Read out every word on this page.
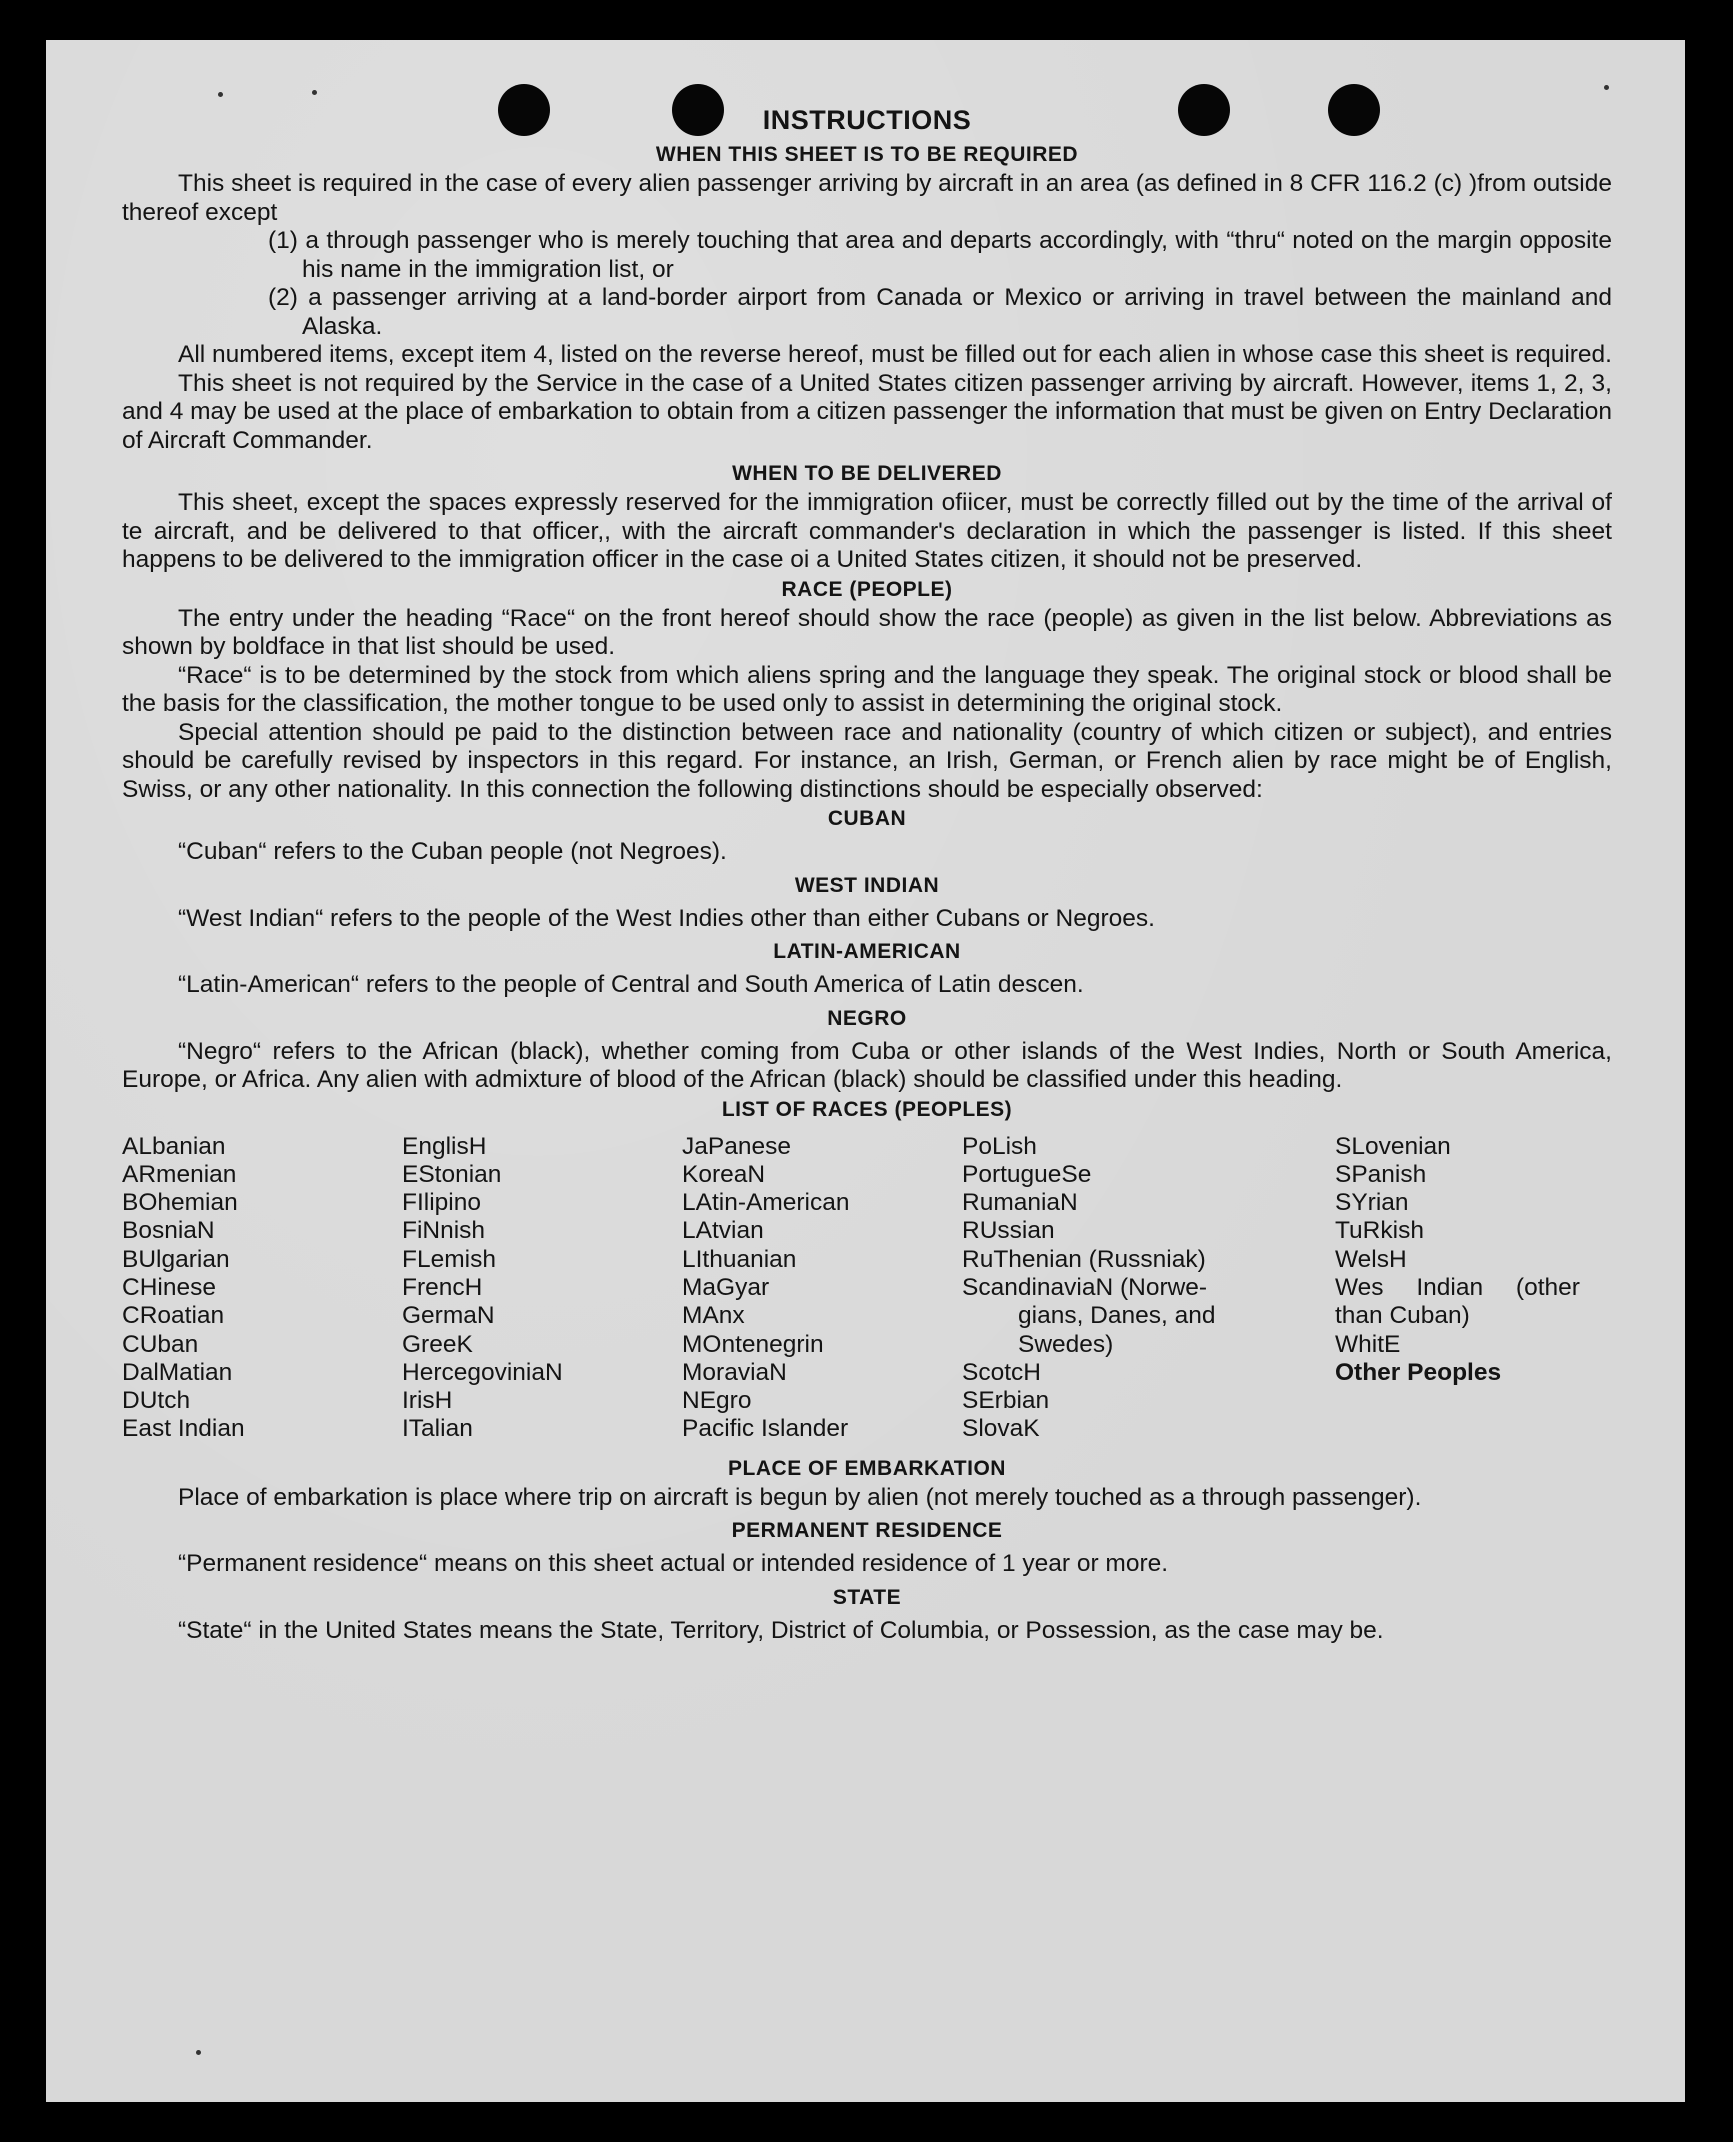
INSTRUCTIONS
WHEN THIS SHEET IS TO BE REQUIRED

This sheet is required in the case of every alien passenger arriving by aircraft in an area (as defined in 8 CFR 116.2 (c) )from outside thereof except

(1) a through passenger who is merely touching that area and departs accordingly, with “thru“ noted on the margin opposite his name in the immigration list, or

(2) a passenger arriving at a land-border airport from Canada or Mexico or arriving in travel between the mainland and Alaska.

All numbered items, except item 4, listed on the reverse hereof, must be filled out for each alien in whose case this sheet is required.

This sheet is not required by the Service in the case of a United States citizen passenger arriving by aircraft. However, items 1, 2, 3, and 4 may be used at the place of embarkation to obtain from a citizen passenger the information that must be given on Entry Declaration of Aircraft Commander.

WHEN TO BE DELIVERED

This sheet, except the spaces expressly reserved for the immigration ofiicer, must be correctly filled out by the time of the arrival of te aircraft, and be delivered to that officer,, with the aircraft commander's declaration in which the passenger is listed. If this sheet happens to be delivered to the immigration officer in the case oi a United States citizen, it should not be preserved.

RACE (PEOPLE)

The entry under the heading “Race“ on the front hereof should show the race (people) as given in the list below. Abbreviations as shown by boldface in that list should be used.

“Race“ is to be determined by the stock from which aliens spring and the language they speak. The original stock or blood shall be the basis for the classification, the mother tongue to be used only to assist in determining the original stock.

Special attention should pe paid to the distinction between race and nationality (country of which citizen or subject), and entries should be carefully revised by inspectors in this regard. For instance, an Irish, German, or French alien by race might be of English, Swiss, or any other nationality. In this connection the following distinctions should be especially observed:

CUBAN

“Cuban“ refers to the Cuban people (not Negroes).

WEST INDIAN

“West Indian“ refers to the people of the West Indies other than either Cubans or Negroes.

LATIN-AMERICAN

“Latin-American“ refers to the people of Central and South America of Latin descen.

NEGRO

“Negro“ refers to the African (black), whether coming from Cuba or other islands of the West Indies, North or South America, Europe, or Africa. Any alien with admixture of blood of the African (black) should be classified under this heading.

LIST OF RACES (PEOPLES)
ALbanian
ARmenian
BOhemian
BosniaN
BUlgarian
CHinese
CRoatian
CUban
DalMatian
DUtch
East Indian
EnglisH
EStonian
FIlipino
FiNnish
FLemish
FrencH
GermaN
GreeK
HercegoviniaN
IrisH
ITalian
JaPanese
KoreaN
LAtin-American
LAtvian
LIthuanian
MaGyar
MAnx
MOntenegrin
MoraviaN
NEgro
Pacific Islander
PoLish
PortugueSe
RumaniaN
RUssian
RuThenian (Russniak)
ScandinaviaN (Norwe-
gians, Danes, and
Swedes)
ScotcH
SErbian
SlovaK
SLovenian
SPanish
SYrian
TuRkish
WelsH
Wes Indian (other
than Cuban)
WhitE
Other Peoples
PLACE OF EMBARKATION

Place of embarkation is place where trip on aircraft is begun by alien (not merely touched as a through passenger).

PERMANENT RESIDENCE

“Permanent residence“ means on this sheet actual or intended residence of 1 year or more.

STATE

“State“ in the United States means the State, Territory, District of Columbia, or Possession, as the case may be.
